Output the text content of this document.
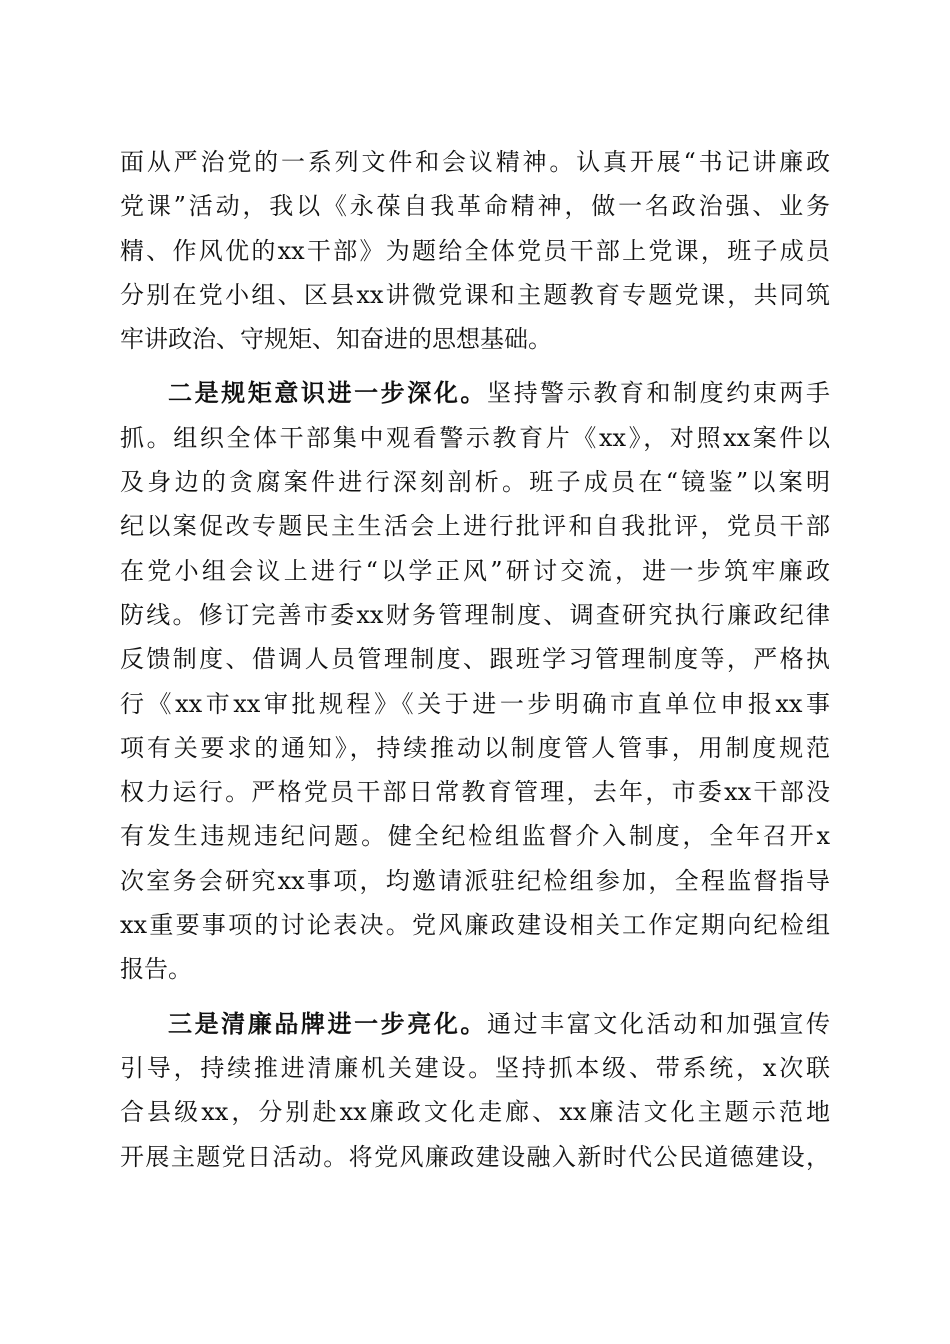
面从严治党的一系列文件和会议精神。认真开展“书记讲廉政
党课”活动，我以《永葆自我革命精神，做一名政治强、业务
精、作风优的xx干部》为题给全体党员干部上党课，班子成员
分别在党小组、区县xx讲微党课和主题教育专题党课，共同筑
牢讲政治、守规矩、知奋进的思想基础。
二是规矩意识进一步深化。坚持警示教育和制度约束两手
抓。组织全体干部集中观看警示教育片《xx》，对照xx案件以
及身边的贪腐案件进行深刻剖析。班子成员在“镜鉴”以案明
纪以案促改专题民主生活会上进行批评和自我批评，党员干部
在党小组会议上进行“以学正风”研讨交流，进一步筑牢廉政
防线。修订完善市委xx财务管理制度、调查研究执行廉政纪律
反馈制度、借调人员管理制度、跟班学习管理制度等，严格执
行《xx市xx审批规程》《关于进一步明确市直单位申报xx事
项有关要求的通知》，持续推动以制度管人管事，用制度规范
权力运行。严格党员干部日常教育管理，去年，市委xx干部没
有发生违规违纪问题。健全纪检组监督介入制度，全年召开x
次室务会研究xx事项，均邀请派驻纪检组参加，全程监督指导
xx重要事项的讨论表决。党风廉政建设相关工作定期向纪检组
报告。
三是清廉品牌进一步亮化。通过丰富文化活动和加强宣传
引导，持续推进清廉机关建设。坚持抓本级、带系统，x次联
合县级xx，分别赴xx廉政文化走廊、xx廉洁文化主题示范地
开展主题党日活动。将党风廉政建设融入新时代公民道德建设，
